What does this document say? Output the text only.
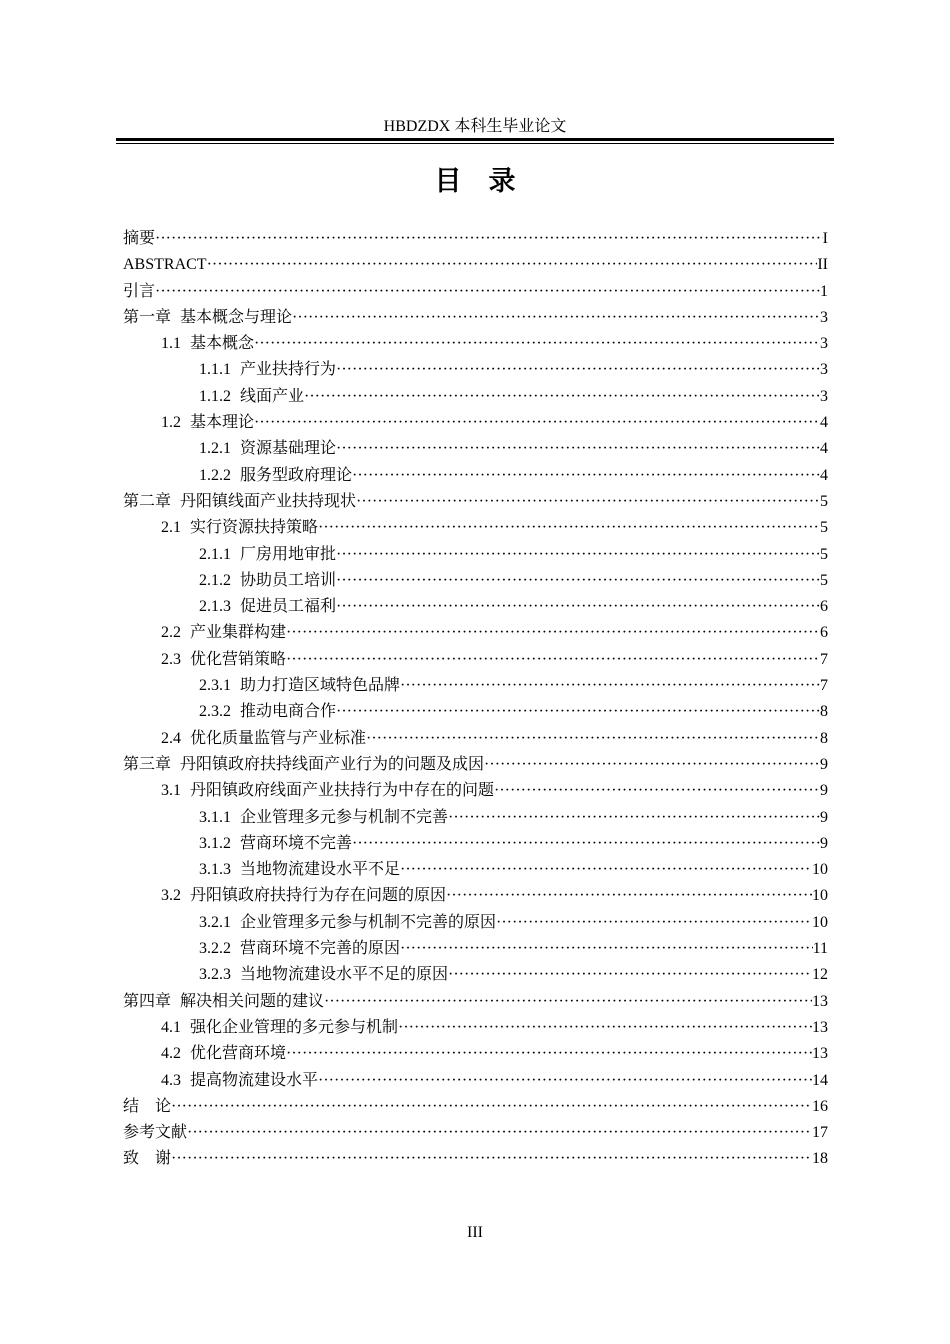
HBDZDX 本科生毕业论文
目　录
摘要 ·····	I
ABSTRACT ·····	II
引言 ·····	1
第一章 基本概念与理论 ·····	3
1.1 基本概念 ·····	3
1.1.1 产业扶持行为 ·····	3
1.1.2 线面产业 ·····	3
1.2 基本理论 ·····	4
1.2.1 资源基础理论 ·····	4
1.2.2 服务型政府理论 ·····	4
第二章 丹阳镇线面产业扶持现状 ·····	5
2.1 实行资源扶持策略 ·····	5
2.1.1 厂房用地审批 ·····	5
2.1.2 协助员工培训 ·····	5
2.1.3 促进员工福利 ·····	6
2.2 产业集群构建 ·····	6
2.3 优化营销策略 ·····	7
2.3.1 助力打造区域特色品牌 ·····	7
2.3.2 推动电商合作 ·····	8
2.4 优化质量监管与产业标准 ·····	8
第三章 丹阳镇政府扶持线面产业行为的问题及成因 ·····	9
3.1 丹阳镇政府线面产业扶持行为中存在的问题 ·····	9
3.1.1 企业管理多元参与机制不完善 ·····	9
3.1.2 营商环境不完善 ·····	9
3.1.3 当地物流建设水平不足 ·····	10
3.2 丹阳镇政府扶持行为存在问题的原因 ·····	10
3.2.1 企业管理多元参与机制不完善的原因 ·····	10
3.2.2 营商环境不完善的原因 ·····	11
3.2.3 当地物流建设水平不足的原因 ·····	12
第四章 解决相关问题的建议 ·····	13
4.1 强化企业管理的多元参与机制 ·····	13
4.2 优化营商环境 ·····	13
4.3 提高物流建设水平 ·····	14
结　论 ·····	16
参考文献 ·····	17
致　谢 ·····	18
III
